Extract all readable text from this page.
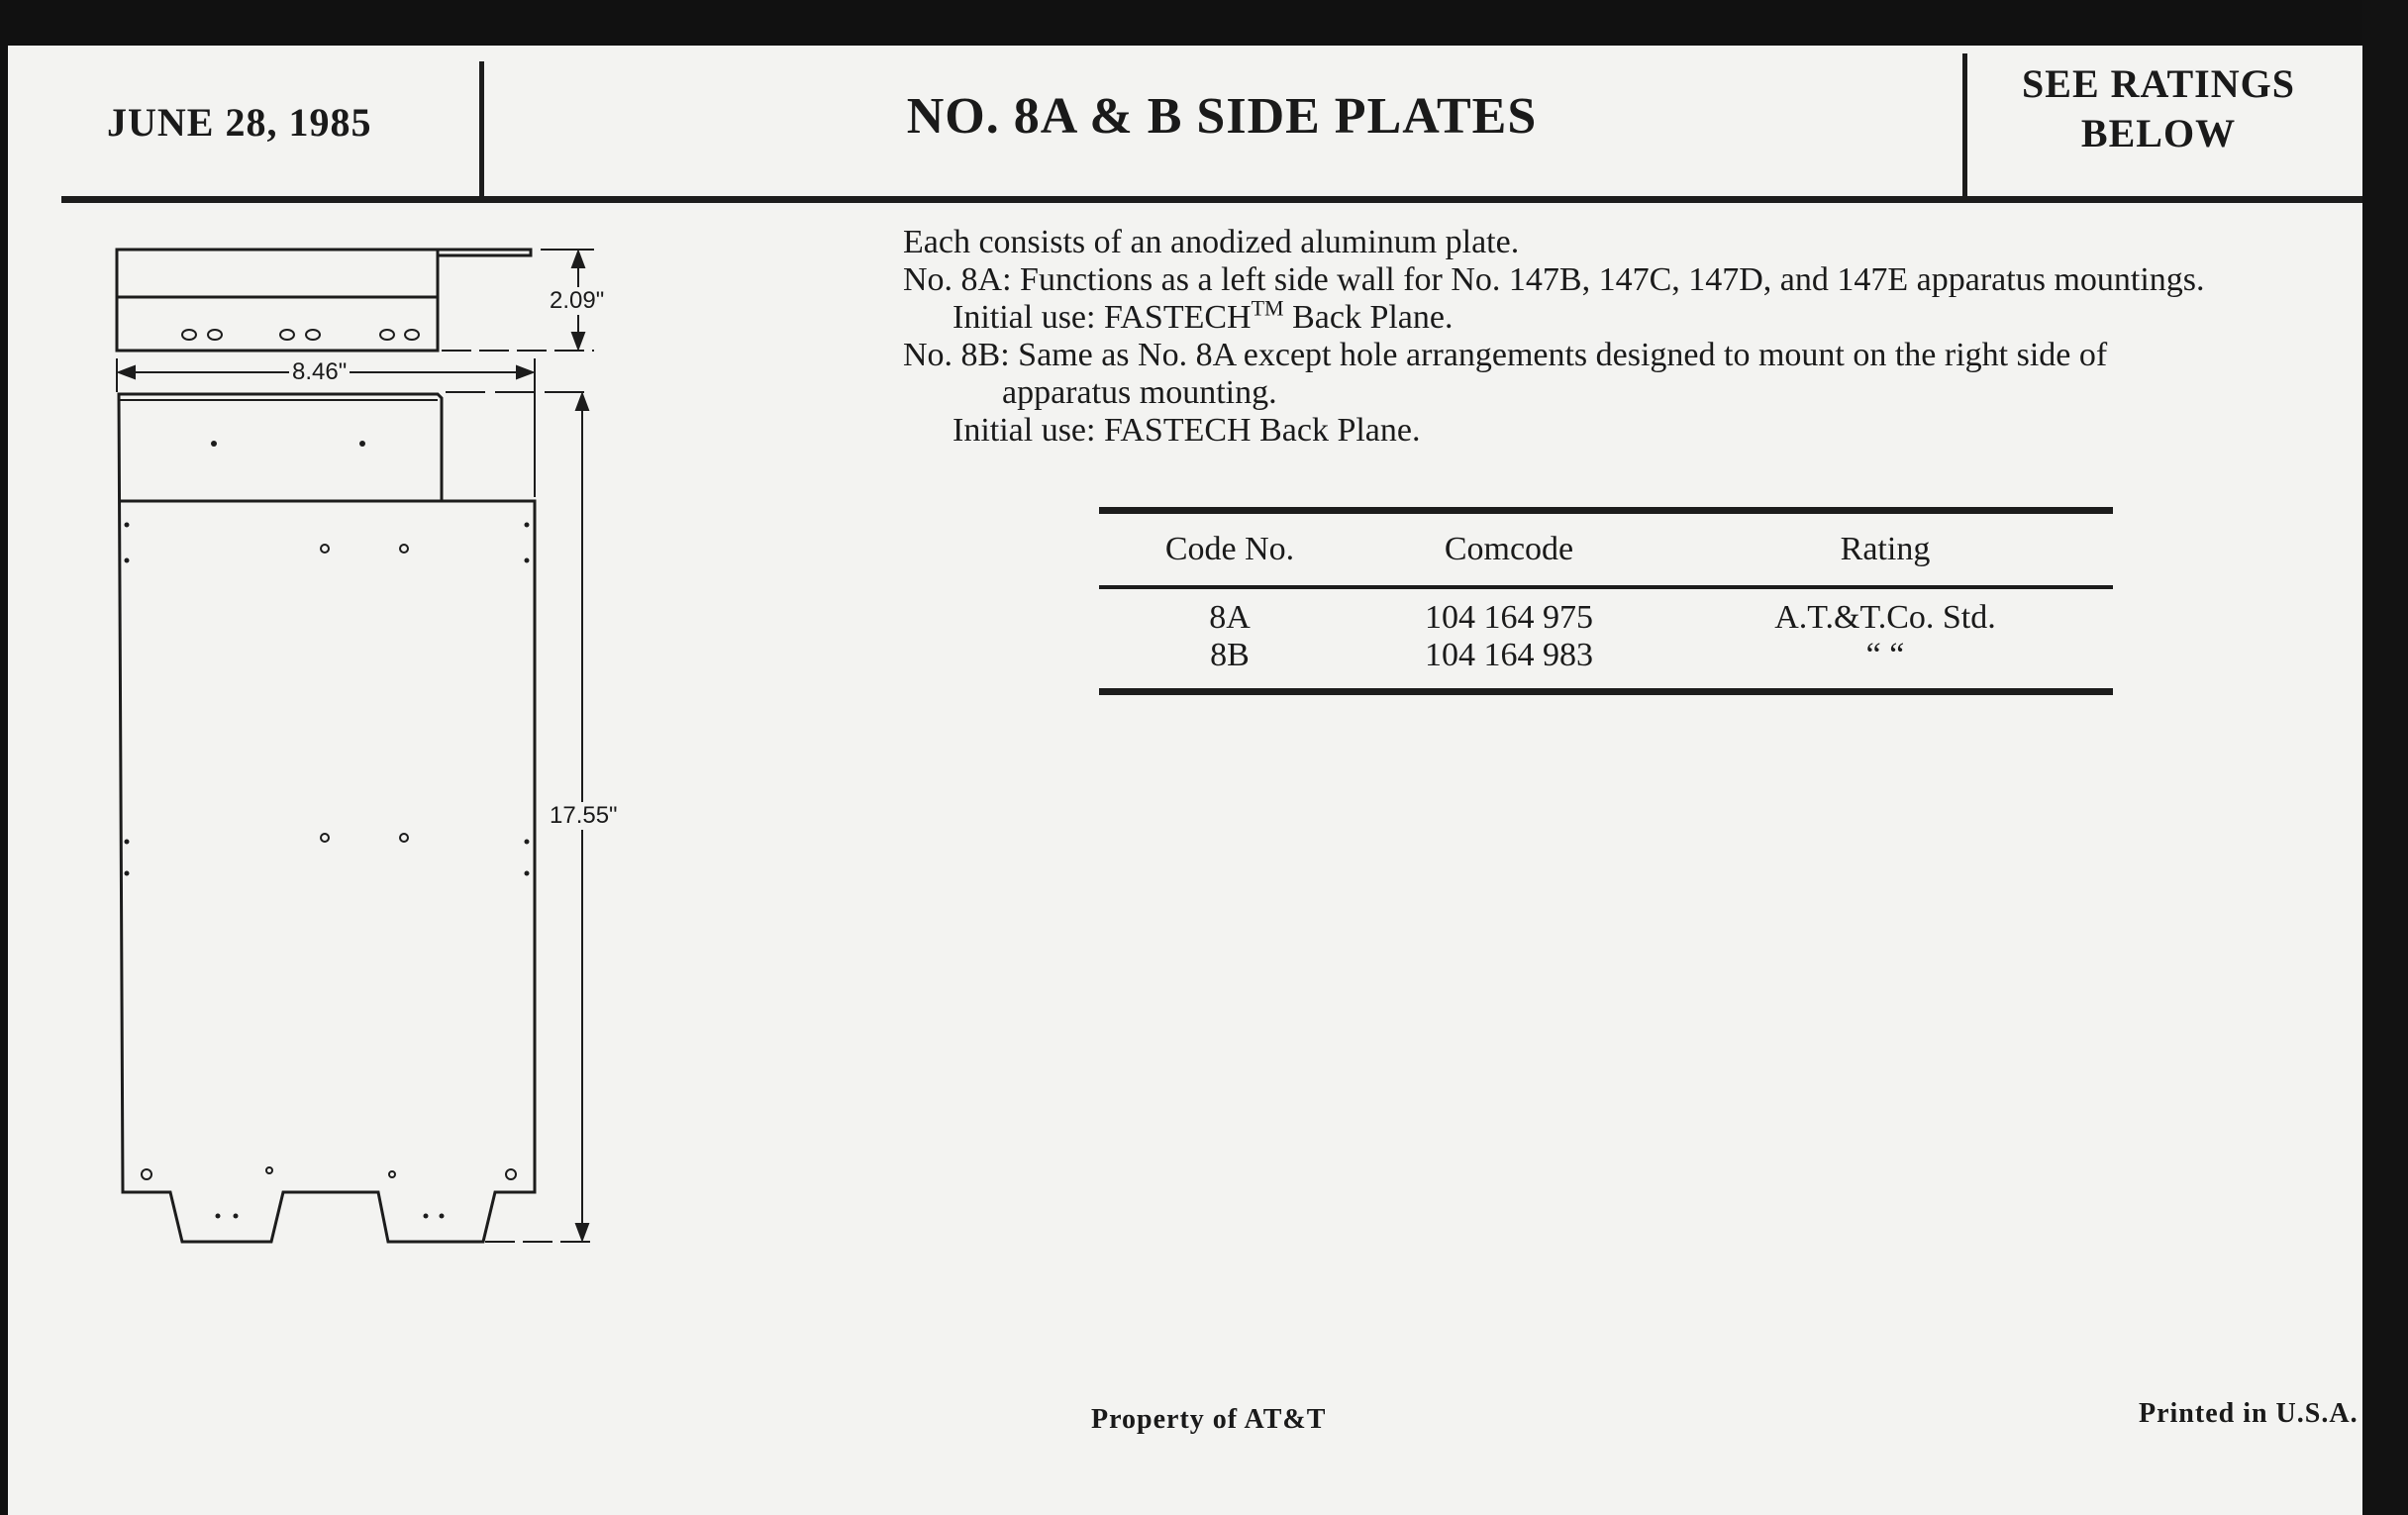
JUNE 28, 1985	NO. 8A & B SIDE PLATES
SEE RATINGS
BELOW
2.09"
8.46"
17.55"

Each consists of an anodized aluminum plate.

No. 8A: Functions as a left side wall for No. 147B, 147C, 147D, and 147E apparatus mountings.

Initial use: FASTECH™ Back Plane.

No. 8B: Same as No. 8A except hole arrangements designed to mount on the right side of

apparatus mounting.

Initial use: FASTECH Back Plane.

Code No.	Comcode	Rating
8A	104 164 975	A.T.&T.Co. Std.
8B	104 164 983	“ “
Property of AT&T	Printed in U.S.A.
